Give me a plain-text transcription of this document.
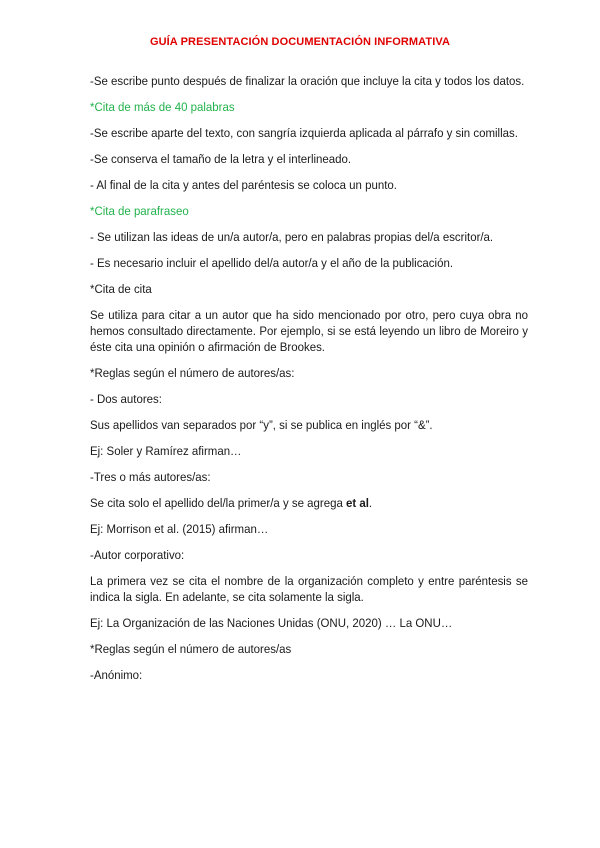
GUÍA PRESENTACIÓN DOCUMENTACIÓN INFORMATIVA

-Se escribe punto después de finalizar la oración que incluye la cita y todos los datos.

*Cita de más de 40 palabras

-Se escribe aparte del texto, con sangría izquierda aplicada al párrafo y sin comillas.

-Se conserva el tamaño de la letra y el interlineado.

- Al final de la cita y antes del paréntesis se coloca un punto.

*Cita de parafraseo

- Se utilizan las ideas de un/a autor/a, pero en palabras propias del/a escritor/a.

- Es necesario incluir el apellido del/a autor/a y el año de la publicación.

*Cita de cita

Se utiliza para citar a un autor que ha sido mencionado por otro, pero cuya obra no hemos consultado directamente. Por ejemplo, si se está leyendo un libro de Moreiro y éste cita una opinión o afirmación de Brookes.

*Reglas según el número de autores/as:

- Dos autores:

Sus apellidos van separados por “y”, si se publica en inglés por “&”.

Ej: Soler y Ramírez afirman…

-Tres o más autores/as:

Se cita solo el apellido del/la primer/a y se agrega et al.

Ej: Morrison et al. (2015) afirman…

-Autor corporativo:

La primera vez se cita el nombre de la organización completo y entre paréntesis se indica la sigla. En adelante, se cita solamente la sigla.

Ej: La Organización de las Naciones Unidas (ONU, 2020) … La ONU…

*Reglas según el número de autores/as

-Anónimo:
